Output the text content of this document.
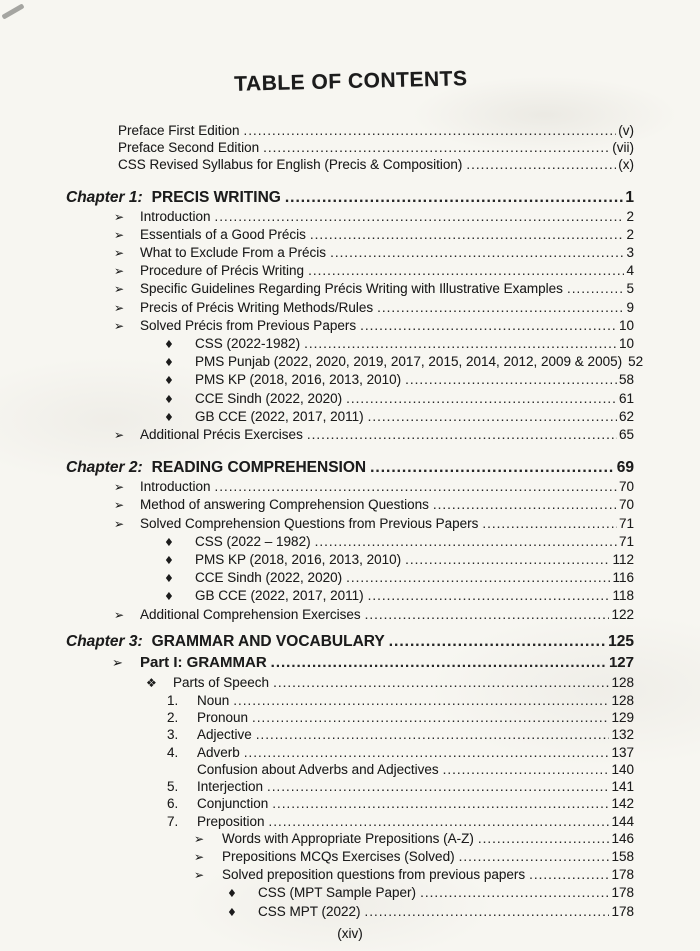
TABLE OF CONTENTS
Preface First Edition .....	(v)
Preface Second Edition .....	(vii)
CSS Revised Syllabus for English (Precis & Composition) .....	(x)
Chapter 1: PRECIS WRITING .....	1
➢	Introduction .....	2
➢	Essentials of a Good Précis .....	2
➢	What to Exclude From a Précis .....	3
➢	Procedure of Précis Writing .....	4
➢	Specific Guidelines Regarding Précis Writing with Illustrative Examples .....	5
➢	Precis of Précis Writing Methods/Rules .....	9
➢	Solved Précis from Previous Papers .....	10
♦	CSS (2022-1982) .....	10
♦	PMS Punjab (2022, 2020, 2019, 2017, 2015, 2014, 2012, 2009 & 2005) 52
♦	PMS KP (2018, 2016, 2013, 2010) .....	58
♦	CCE Sindh (2022, 2020) .....	61
♦	GB CCE (2022, 2017, 2011) .....	62
➢	Additional Précis Exercises .....	65
Chapter 2: READING COMPREHENSION .....	69
➢	Introduction .....	70
➢	Method of answering Comprehension Questions .....	70
➢	Solved Comprehension Questions from Previous Papers .....	71
♦	CSS (2022 – 1982) .....	71
♦	PMS KP (2018, 2016, 2013, 2010) .....	112
♦	CCE Sindh (2022, 2020) .....	116
♦	GB CCE (2022, 2017, 2011) .....	118
➢	Additional Comprehension Exercises .....	122
Chapter 3: GRAMMAR AND VOCABULARY .....	125
➢	Part I: GRAMMAR .....	127
❖	Parts of Speech .....	128
1.	Noun .....	128
2.	Pronoun .....	129
3.	Adjective .....	132
4.	Adverb .....	137
Confusion about Adverbs and Adjectives .....	140
5.	Interjection .....	141
6.	Conjunction .....	142
7.	Preposition .....	144
➢	Words with Appropriate Prepositions (A-Z) .....	146
➢	Prepositions MCQs Exercises (Solved) .....	158
➢	Solved preposition questions from previous papers .....	178
♦	CSS (MPT Sample Paper) .....	178
♦	CSS MPT (2022) .....	178
(xiv)
